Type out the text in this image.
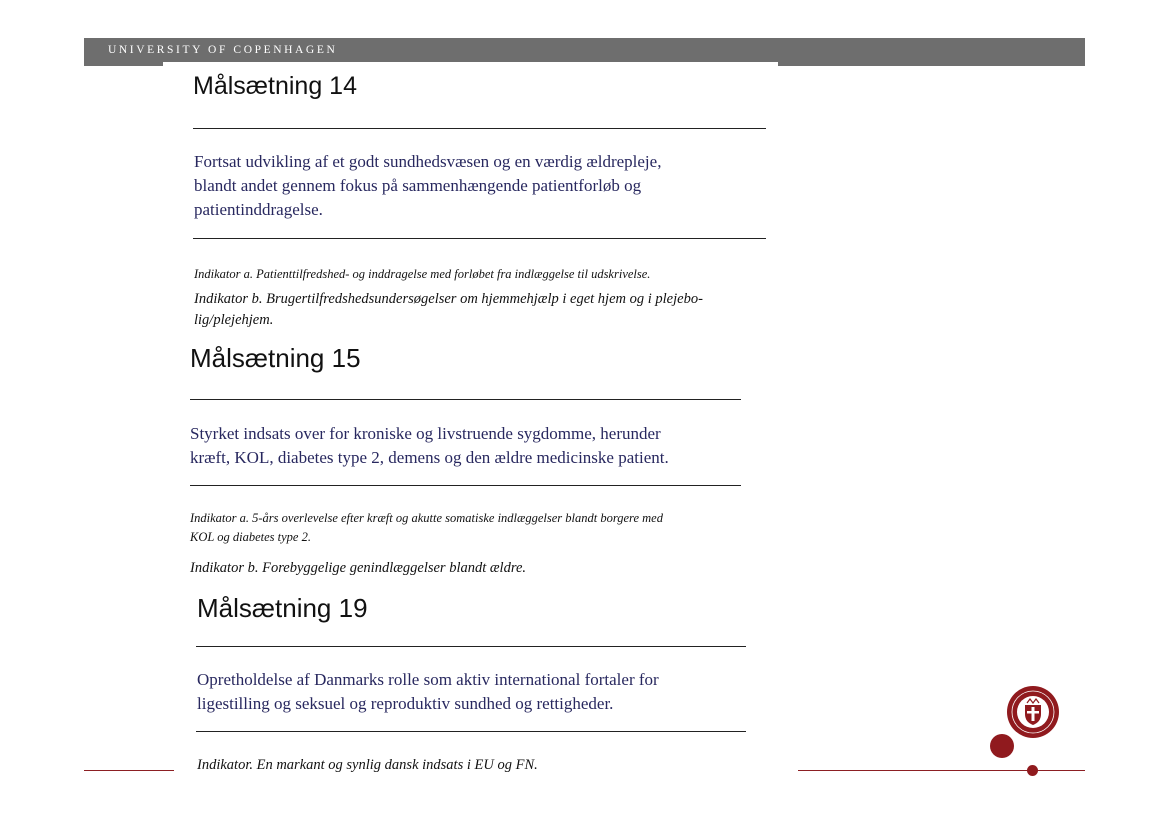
UNIVERSITY OF COPENHAGEN
Målsætning 14

Fortsat udvikling af et godt sundhedsvæsen og en værdig ældrepleje,

blandt andet gennem fokus på sammenhængende patientforløb og

patientinddragelse.

Indikator a. Patienttilfredshed- og inddragelse med forløbet fra indlæggelse til udskrivelse.

Indikator b. Brugertilfredshedsundersøgelser om hjemmehjælp i eget hjem og i plejebo-

lig/plejehjem.

Målsætning 15

Styrket indsats over for kroniske og livstruende sygdomme, herunder

kræft, KOL, diabetes type 2, demens og den ældre medicinske patient.

Indikator a. 5-års overlevelse efter kræft og akutte somatiske indlæggelser blandt borgere med

KOL og diabetes type 2.

Indikator b. Forebyggelige genindlæggelser blandt ældre.

Målsætning 19

Opretholdelse af Danmarks rolle som aktiv international fortaler for

ligestilling og seksuel og reproduktiv sundhed og rettigheder.

Indikator. En markant og synlig dansk indsats i EU og FN.
